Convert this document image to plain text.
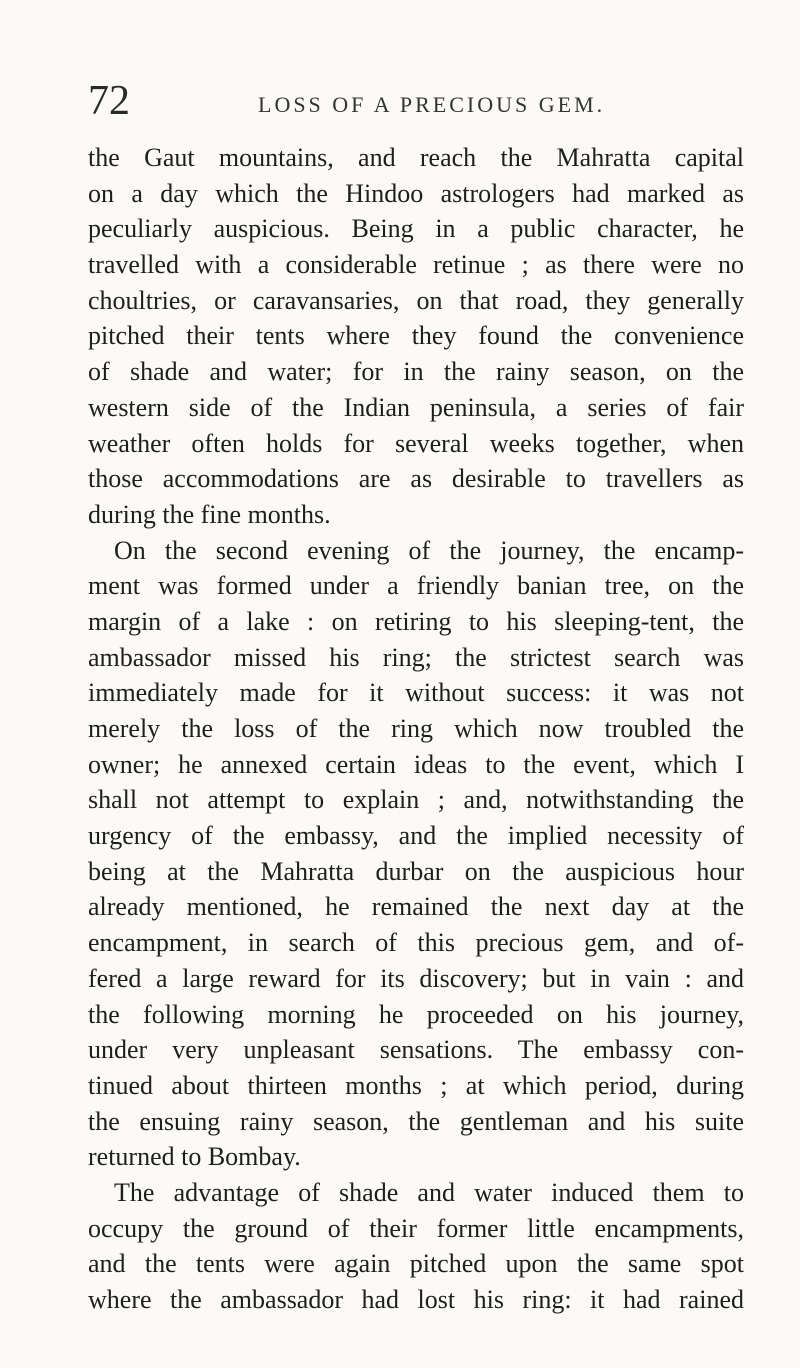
72	LOSS OF A PRECIOUS GEM.
the Gaut mountains, and reach the Mahratta capital
on a day which the Hindoo astrologers had marked as
peculiarly auspicious. Being in a public character, he
travelled with a considerable retinue ; as there were no
choultries, or caravansaries, on that road, they generally
pitched their tents where they found the convenience
of shade and water; for in the rainy season, on the
western side of the Indian peninsula, a series of fair
weather often holds for several weeks together, when
those accommodations are as desirable to travellers as
during the fine months.
On the second evening of the journey, the encamp-
ment was formed under a friendly banian tree, on the
margin of a lake : on retiring to his sleeping-tent, the
ambassador missed his ring; the strictest search was
immediately made for it without success: it was not
merely the loss of the ring which now troubled the
owner; he annexed certain ideas to the event, which I
shall not attempt to explain ; and, notwithstanding the
urgency of the embassy, and the implied necessity of
being at the Mahratta durbar on the auspicious hour
already mentioned, he remained the next day at the
encampment, in search of this precious gem, and of-
fered a large reward for its discovery; but in vain : and
the following morning he proceeded on his journey,
under very unpleasant sensations. The embassy con-
tinued about thirteen months ; at which period, during
the ensuing rainy season, the gentleman and his suite
returned to Bombay.
The advantage of shade and water induced them to
occupy the ground of their former little encampments,
and the tents were again pitched upon the same spot
where the ambassador had lost his ring: it had rained
